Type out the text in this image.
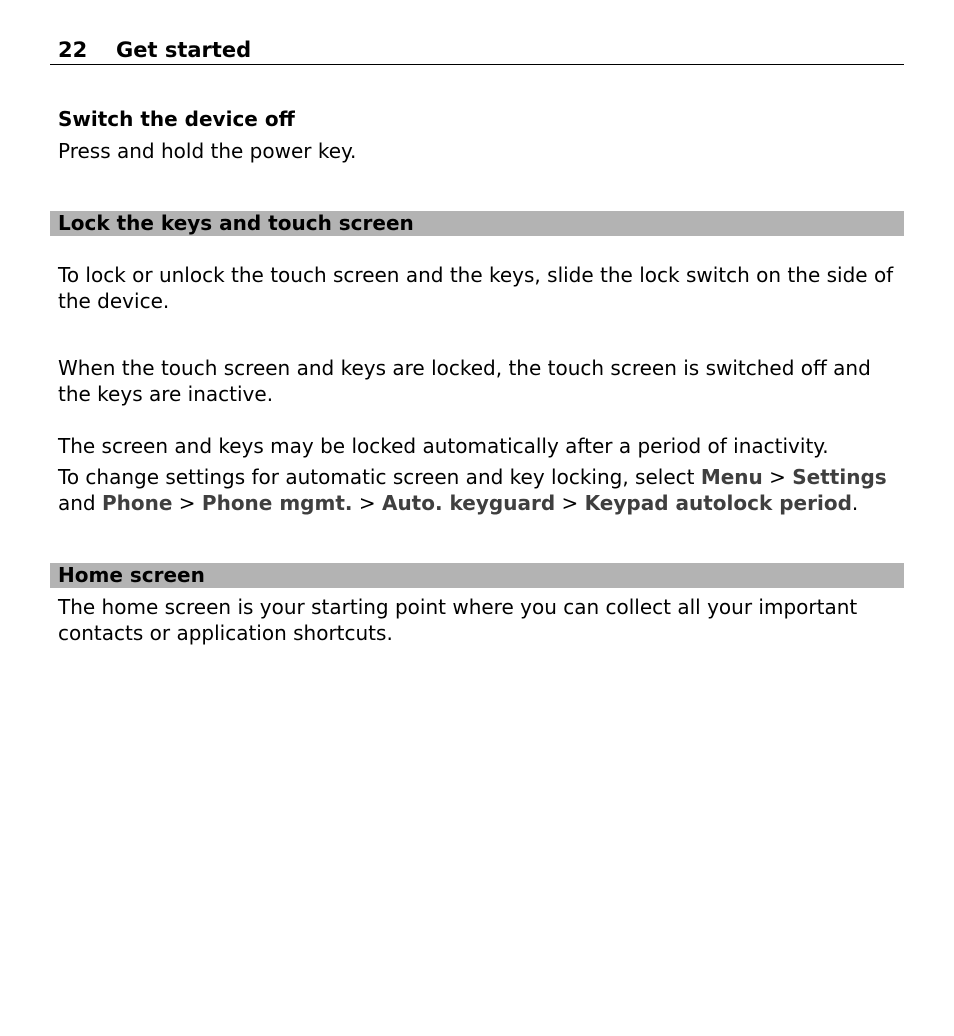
22 Get started
Switch the device off
Press and hold the power key.
Lock the keys and touch screen
To lock or unlock the touch screen and the keys, slide the lock switch on the side of
the device.
When the touch screen and keys are locked, the touch screen is switched off and
the keys are inactive.
The screen and keys may be locked automatically after a period of inactivity.
To change settings for automatic screen and key locking, select Menu > Settings
and Phone > Phone mgmt. > Auto. keyguard > Keypad autolock period.
Home screen
The home screen is your starting point where you can collect all your important
contacts or application shortcuts.
